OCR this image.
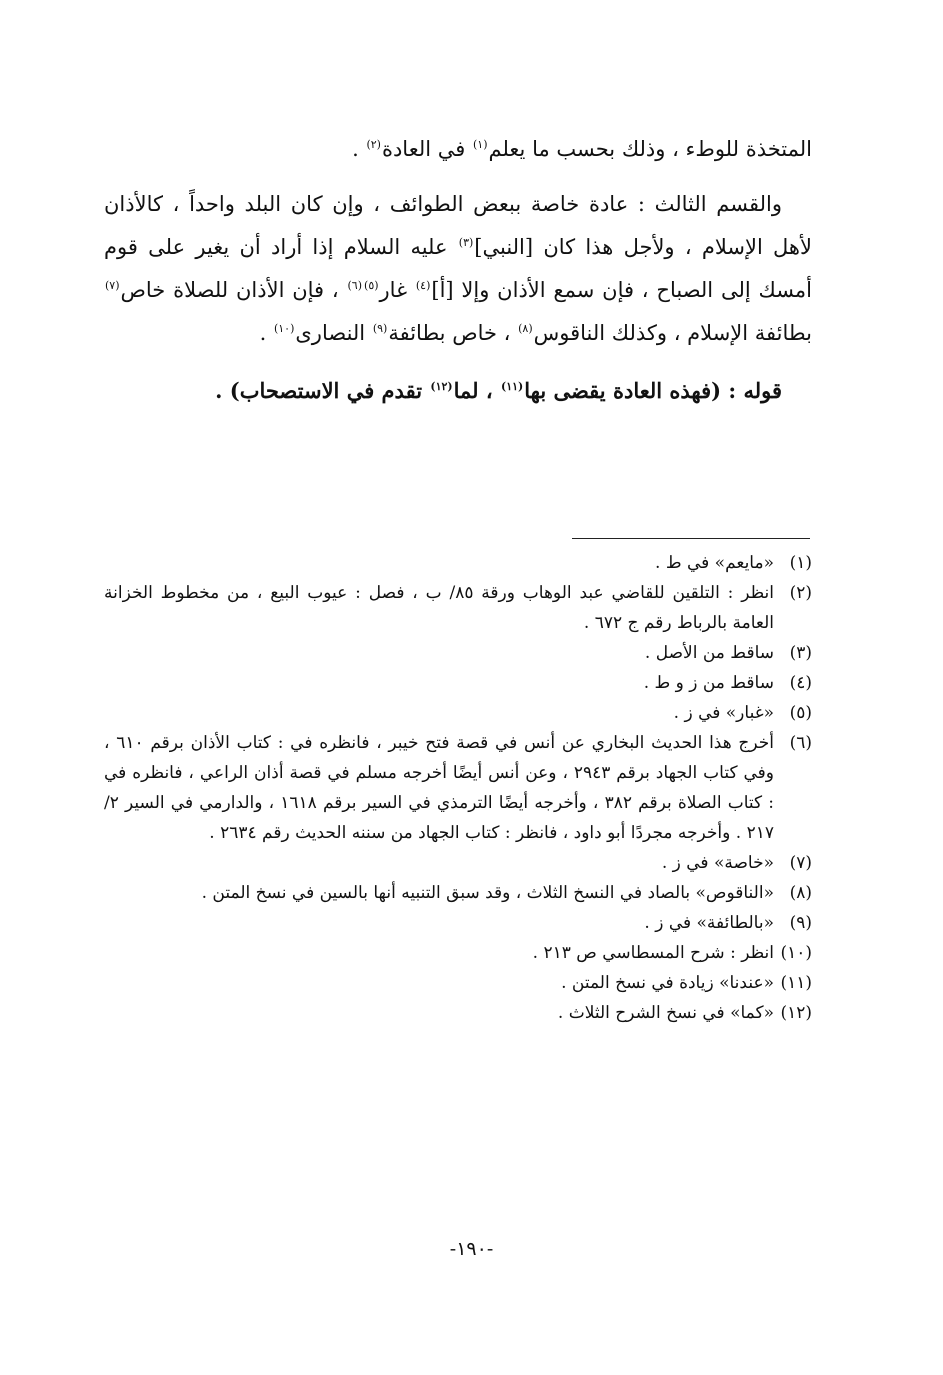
المتخذة للوطء ، وذلك بحسب ما يعلم$^{(١)}$ في العادة$^{(٢)}$ .

والقسم الثالث : عادة خاصة ببعض الطوائف ، وإن كان البلد واحداً ، كالأذان لأهل الإسلام ، ولأجل هذا كان [النبي]$^{(٣)}$ عليه السلام إذا أراد أن يغير على قوم أمسك إلى الصباح ، فإن سمع الأذان وإلا [أ]$^{(٤)}$ غار$^{(٥)(٦)}$ ، فإن الأذان للصلاة خاص$^{(٧)}$ بطائفة الإسلام ، وكذلك الناقوس$^{(٨)}$ ، خاص بطائفة$^{(٩)}$ النصارى$^{(١٠)}$ .

قوله : (فهذه العادة يقضى بها$^{(١١)}$ ، لما$^{(١٢)}$ تقدم في الاستصحاب) .

(١)
«مايعم» في ط .
(٢)
انظر : التلقين للقاضي عبد الوهاب ورقة ٨٥/ ب ، فصل : عيوب البيع ، من مخطوط الخزانة العامة بالرباط رقم ج ٦٧٢ .
(٣)
ساقط من الأصل .
(٤)
ساقط من ز و ط .
(٥)
«غبار» في ز .
(٦)
أخرج هذا الحديث البخاري عن أنس في قصة فتح خيبر ، فانظره في : كتاب الأذان برقم ٦١٠ ، وفي كتاب الجهاد برقم ٢٩٤٣ ، وعن أنس أيضًا أخرجه مسلم في قصة أذان الراعي ، فانظره في : كتاب الصلاة برقم ٣٨٢ ، وأخرجه أيضًا الترمذي في السير برقم ١٦١٨ ، والدارمي في السير ٢/ ٢١٧ . وأخرجه مجردًا أبو داود ، فانظر : كتاب الجهاد من سننه الحديث رقم ٢٦٣٤ .
(٧)
«خاصة» في ز .
(٨)
«الناقوص» بالصاد في النسخ الثلاث ، وقد سبق التنبيه أنها بالسين في نسخ المتن .
(٩)
«بالطائفة» في ز .
(١٠)
انظر : شرح المسطاسي ص ٢١٣ .
(١١)
«عندنا» زيادة في نسخ المتن .
(١٢)
«كما» في نسخ الشرح الثلاث .
-١٩٠-
